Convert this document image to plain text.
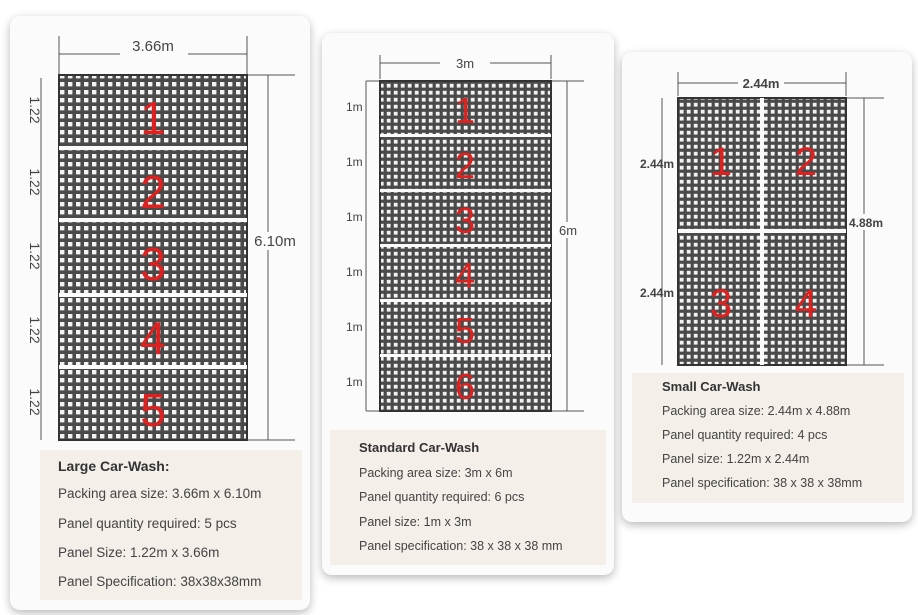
3.66m
6.10m
1.22
1.22
1.22
1.22
1.22
1
2
3
4
5
Large Car-Wash:
Packing area size: 3.66m x 6.10m
Panel quantity required: 5 pcs
Panel Size: 1.22m x 3.66m
Panel Specification: 38x38x38mm
3m
6m
1m
1m
1m
1m
1m
1m
1
2
3
4
5
6
Standard Car-Wash
Packing area size: 3m x 6m
Panel quantity required: 6 pcs
Panel size: 1m x 3m
Panel specification: 38 x 38 x 38 mm
2.44m
4.88m
2.44m
2.44m
1 2
3 4
Small Car-Wash
Packing area size: 2.44m x 4.88m
Panel quantity required: 4 pcs
Panel size: 1.22m x 2.44m
Panel specification: 38 x 38 x 38mm
